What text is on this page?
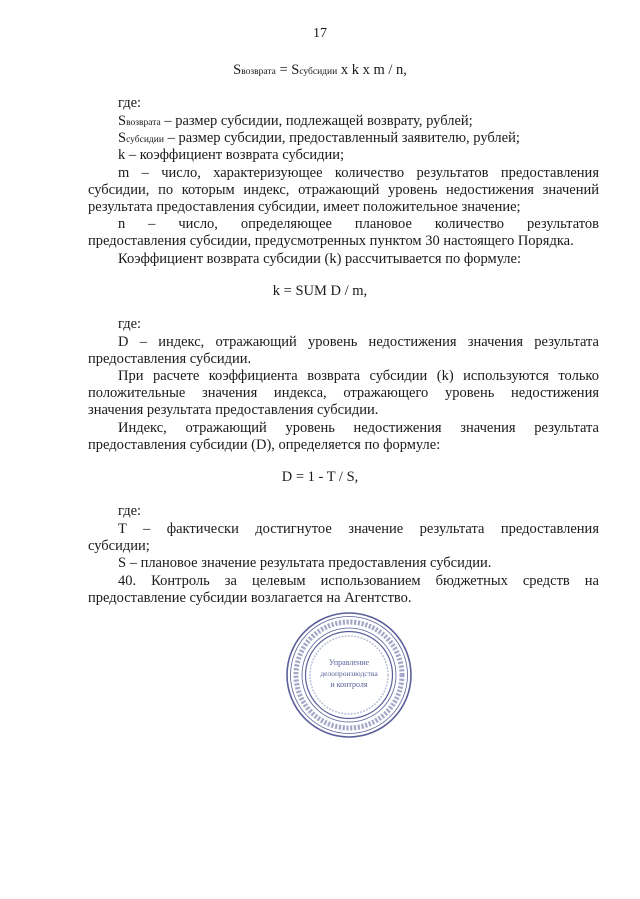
17
Sвозврата = Sсубсидии x k x m / n,
где:
Sвозврата – размер субсидии, подлежащей возврату, рублей;
Sсубсидии – размер субсидии, предоставленный заявителю, рублей;
k – коэффициент возврата субсидии;
m – число, характеризующее количество результатов предоставления
субсидии, по которым индекс, отражающий уровень недостижения значений
результата предоставления субсидии, имеет положительное значение;
n – число, определяющее плановое количество результатов
предоставления субсидии, предусмотренных пунктом 30 настоящего Порядка.
Коэффициент возврата субсидии (k) рассчитывается по формуле:
k = SUM D / m,
где:
D – индекс, отражающий уровень недостижения значения результата
предоставления субсидии.
При расчете коэффициента возврата субсидии (k) используются только
положительные значения индекса, отражающего уровень недостижения
значения результата предоставления субсидии.
Индекс, отражающий уровень недостижения значения результата
предоставления субсидии (D), определяется по формуле:
D = 1 - T / S,
где:
T – фактически достигнутое значение результата предоставления
субсидии;
S – плановое значение результата предоставления субсидии.
40. Контроль за целевым использованием бюджетных средств на
предоставление субсидии возлагается на Агентство.
Управление
делопроизводства
и контроля
